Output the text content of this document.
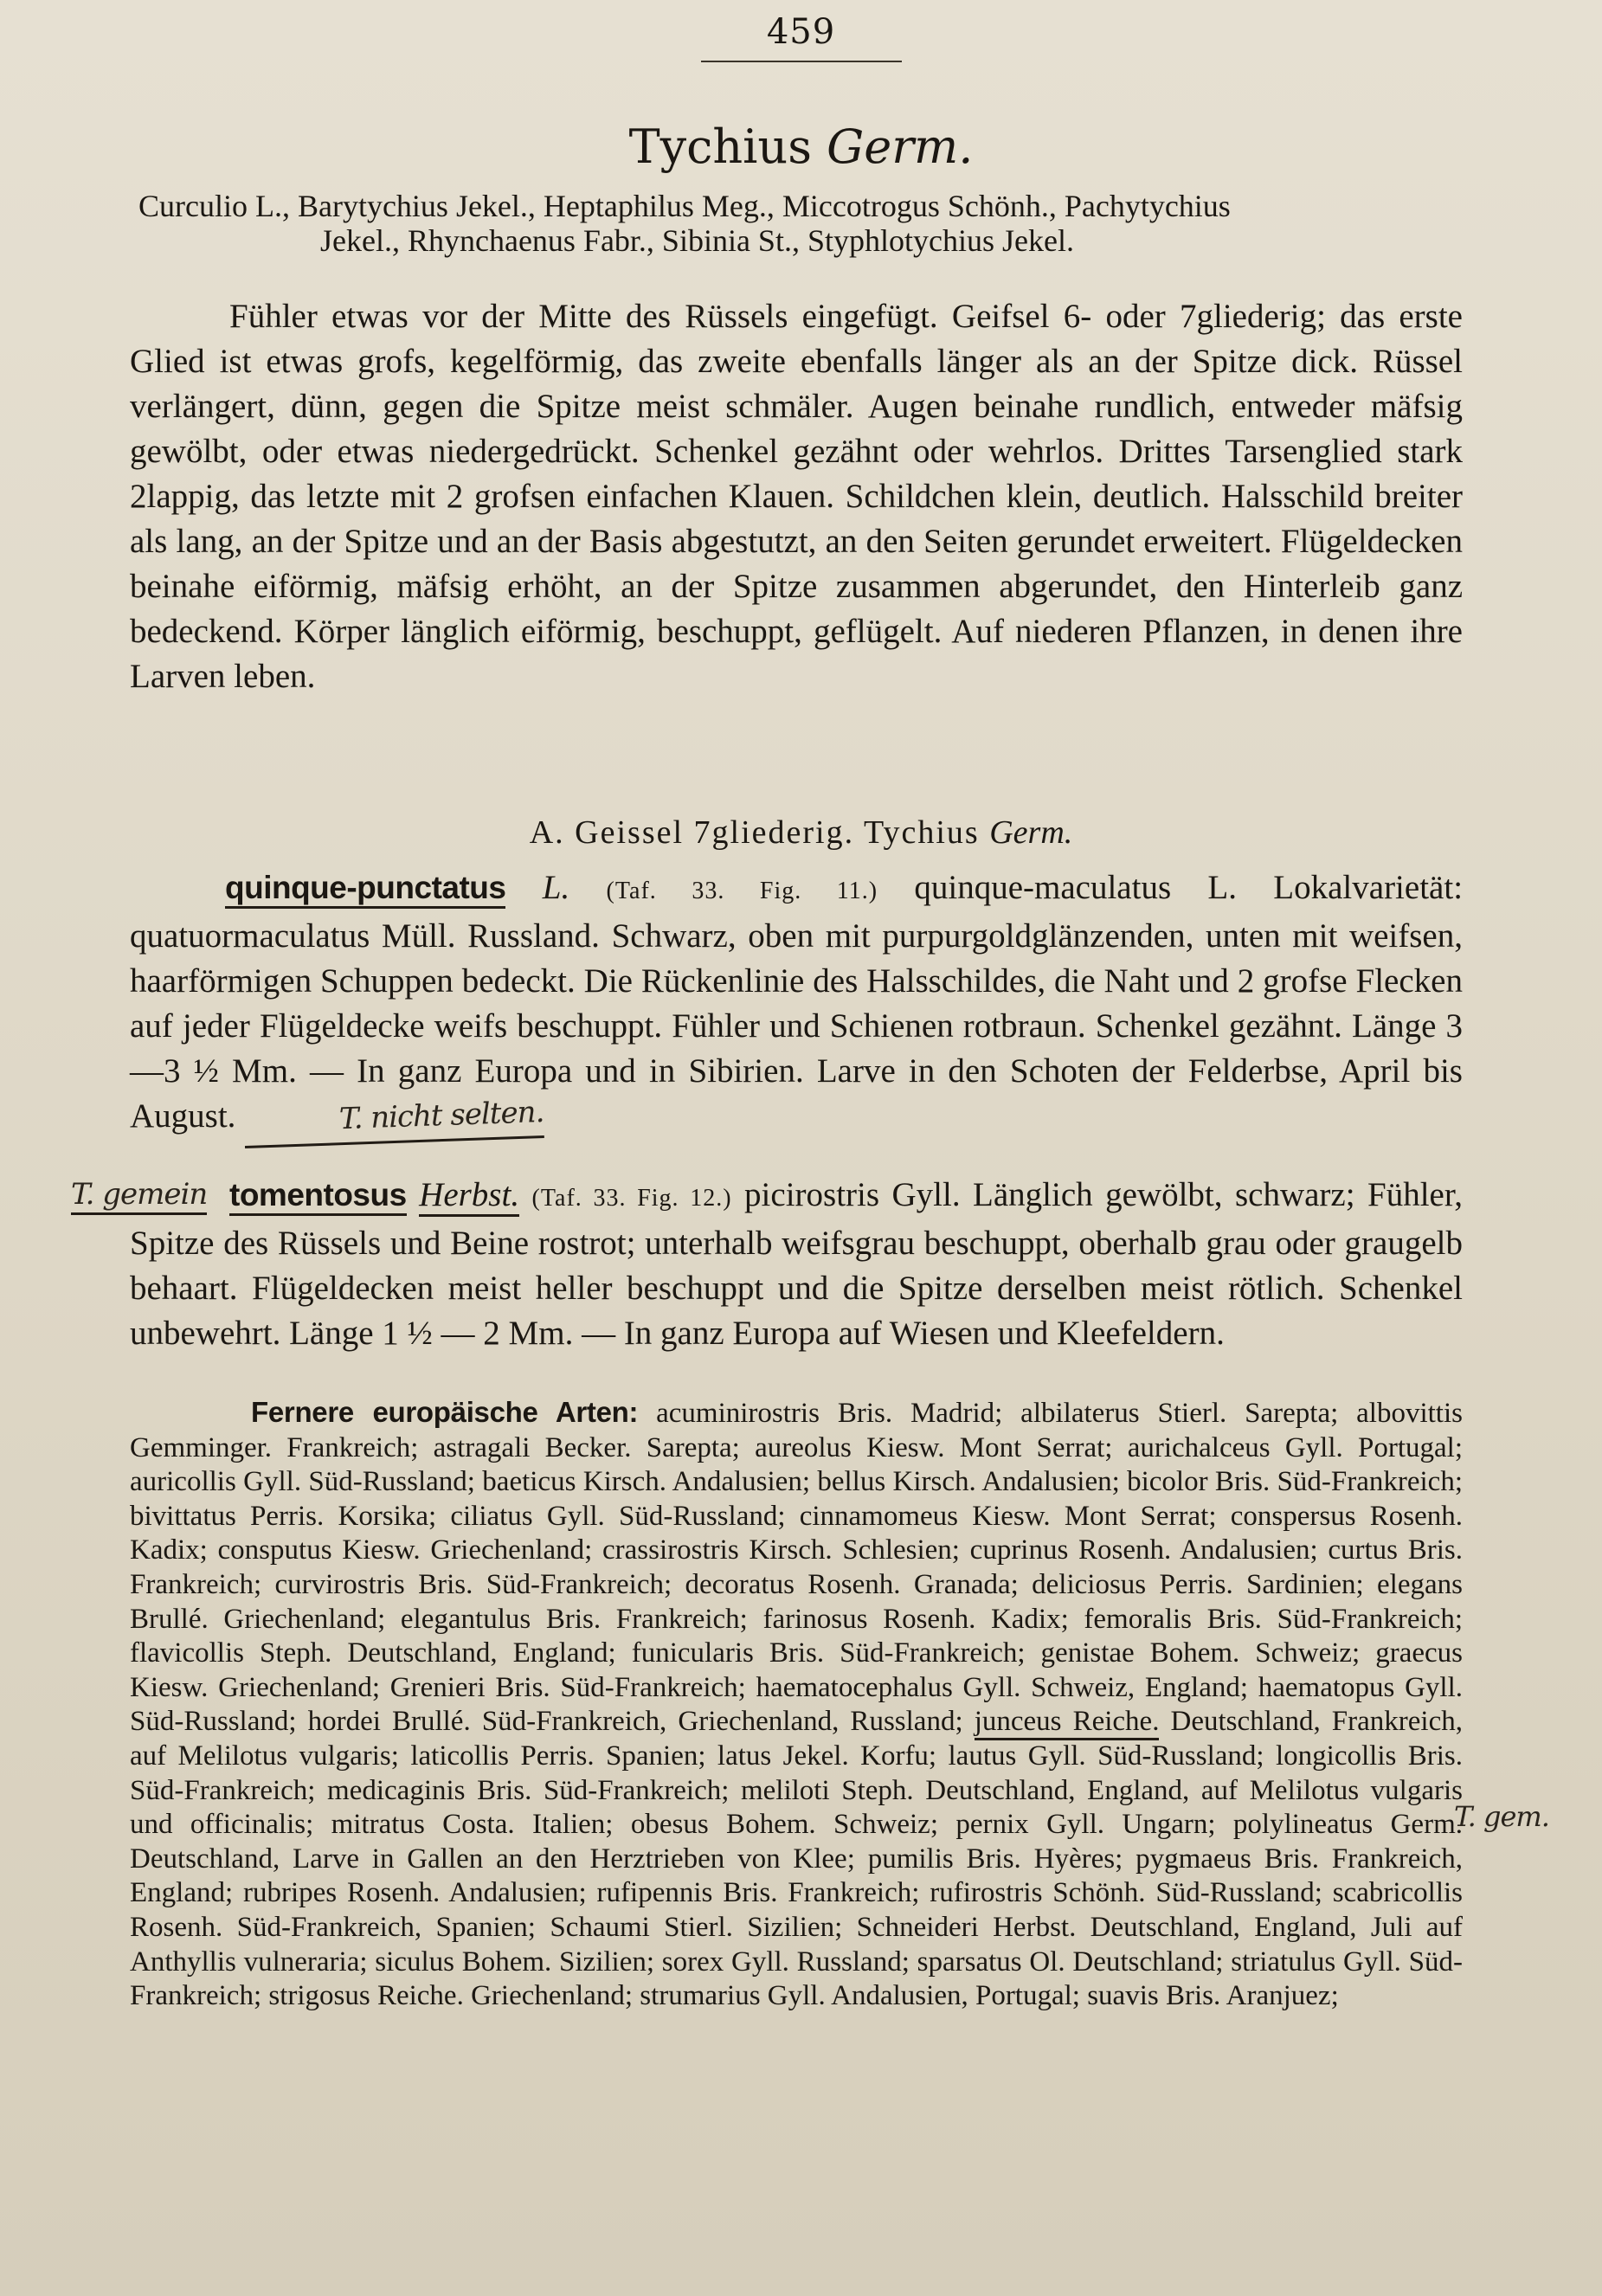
459
Tychius Germ.
Curculio L., Barytychius Jekel., Heptaphilus Meg., Miccotrogus Schönh., Pachytychius
Jekel., Rhynchaenus Fabr., Sibinia St., Styphlotychius Jekel.
Fühler etwas vor der Mitte des Rüssels eingefügt. Geifsel 6- oder 7gliederig; das erste Glied ist etwas grofs, kegelförmig, das zweite ebenfalls länger als an der Spitze dick. Rüssel verlängert, dünn, gegen die Spitze meist schmäler. Augen beinahe rundlich, entweder mäfsig gewölbt, oder etwas niedergedrückt. Schenkel gezähnt oder wehrlos. Drittes Tarsenglied stark 2lappig, das letzte mit 2 grofsen einfachen Klauen. Schildchen klein, deutlich. Halsschild breiter als lang, an der Spitze und an der Basis abgestutzt, an den Seiten gerundet erweitert. Flügeldecken beinahe eiförmig, mäfsig erhöht, an der Spitze zusammen abgerundet, den Hinterleib ganz bedeckend. Körper länglich eiförmig, beschuppt, geflügelt. Auf niederen Pflanzen, in denen ihre Larven leben.
A. Geissel 7gliederig. Tychius Germ.
quinque-punctatus L. (Taf. 33. Fig. 11.) quinque-maculatus L. Lokalvarietät: quatuormaculatus Müll. Russland. Schwarz, oben mit purpurgoldglänzenden, unten mit weifsen, haarförmigen Schuppen bedeckt. Die Rückenlinie des Halsschildes, die Naht und 2 grofse Flecken auf jeder Flügeldecke weifs beschuppt. Fühler und Schienen rotbraun. Schenkel gezähnt. Länge 3—3 ½ Mm. — In ganz Europa und in Sibirien. Larve in den Schoten der Felderbse, April bis August.	T. nicht selten.
T. gemein tomentosus Herbst. (Taf. 33. Fig. 12.) picirostris Gyll. Länglich gewölbt, schwarz; Fühler, Spitze des Rüssels und Beine rostrot; unterhalb weifsgrau beschuppt, oberhalb grau oder graugelb behaart. Flügeldecken meist heller beschuppt und die Spitze derselben meist rötlich. Schenkel unbewehrt. Länge 1 ½ — 2 Mm. — In ganz Europa auf Wiesen und Kleefeldern.
Fernere europäische Arten: acuminirostris Bris. Madrid; albilaterus Stierl. Sarepta; albovittis Gemminger. Frankreich; astragali Becker. Sarepta; aureolus Kiesw. Mont Serrat; aurichalceus Gyll. Portugal; auricollis Gyll. Süd-Russland; baeticus Kirsch. Andalusien; bellus Kirsch. Andalusien; bicolor Bris. Süd-Frankreich; bivittatus Perris. Korsika; ciliatus Gyll. Süd-Russland; cinnamomeus Kiesw. Mont Serrat; conspersus Rosenh. Kadix; consputus Kiesw. Griechenland; crassirostris Kirsch. Schlesien; cuprinus Rosenh. Andalusien; curtus Bris. Frankreich; curvirostris Bris. Süd-Frankreich; decoratus Rosenh. Granada; deliciosus Perris. Sardinien; elegans Brullé. Griechenland; elegantulus Bris. Frankreich; farinosus Rosenh. Kadix; femoralis Bris. Süd-Frankreich; flavicollis Steph. Deutschland, England; funicularis Bris. Süd-Frankreich; genistae Bohem. Schweiz; graecus Kiesw. Griechenland; Grenieri Bris. Süd-Frankreich; haematocephalus Gyll. Schweiz, England; haematopus Gyll. Süd-Russland; hordei Brullé. Süd-Frankreich, Griechenland, Russland; junceus Reiche. Deutschland, Frankreich, auf Melilotus vulgaris; laticollis Perris. Spanien; latus Jekel. Korfu; lautus Gyll. Süd-Russland; longicollis Bris. Süd-Frankreich; medicaginis Bris. Süd-Frankreich; meliloti Steph. Deutschland, England, auf Melilotus vulgaris und officinalis; mitratus Costa. Italien; obesus Bohem. Schweiz; pernix Gyll. Ungarn; polylineatus Germ. Deutschland, Larve in Gallen an den Herztrieben von Klee; pumilis Bris. Hyères; pygmaeus Bris. Frankreich, England; rubripes Rosenh. Andalusien; rufipennis Bris. Frankreich; rufirostris Schönh. Süd-Russland; scabricollis Rosenh. Süd-Frankreich, Spanien; Schaumi Stierl. Sizilien; Schneideri Herbst. Deutschland, England, Juli auf Anthyllis vulneraria; siculus Bohem. Sizilien; sorex Gyll. Russland; sparsatus Ol. Deutschland; striatulus Gyll. Süd-Frankreich; strigosus Reiche. Griechenland; strumarius Gyll. Andalusien, Portugal; suavis Bris. Aranjuez;
T. gem.
